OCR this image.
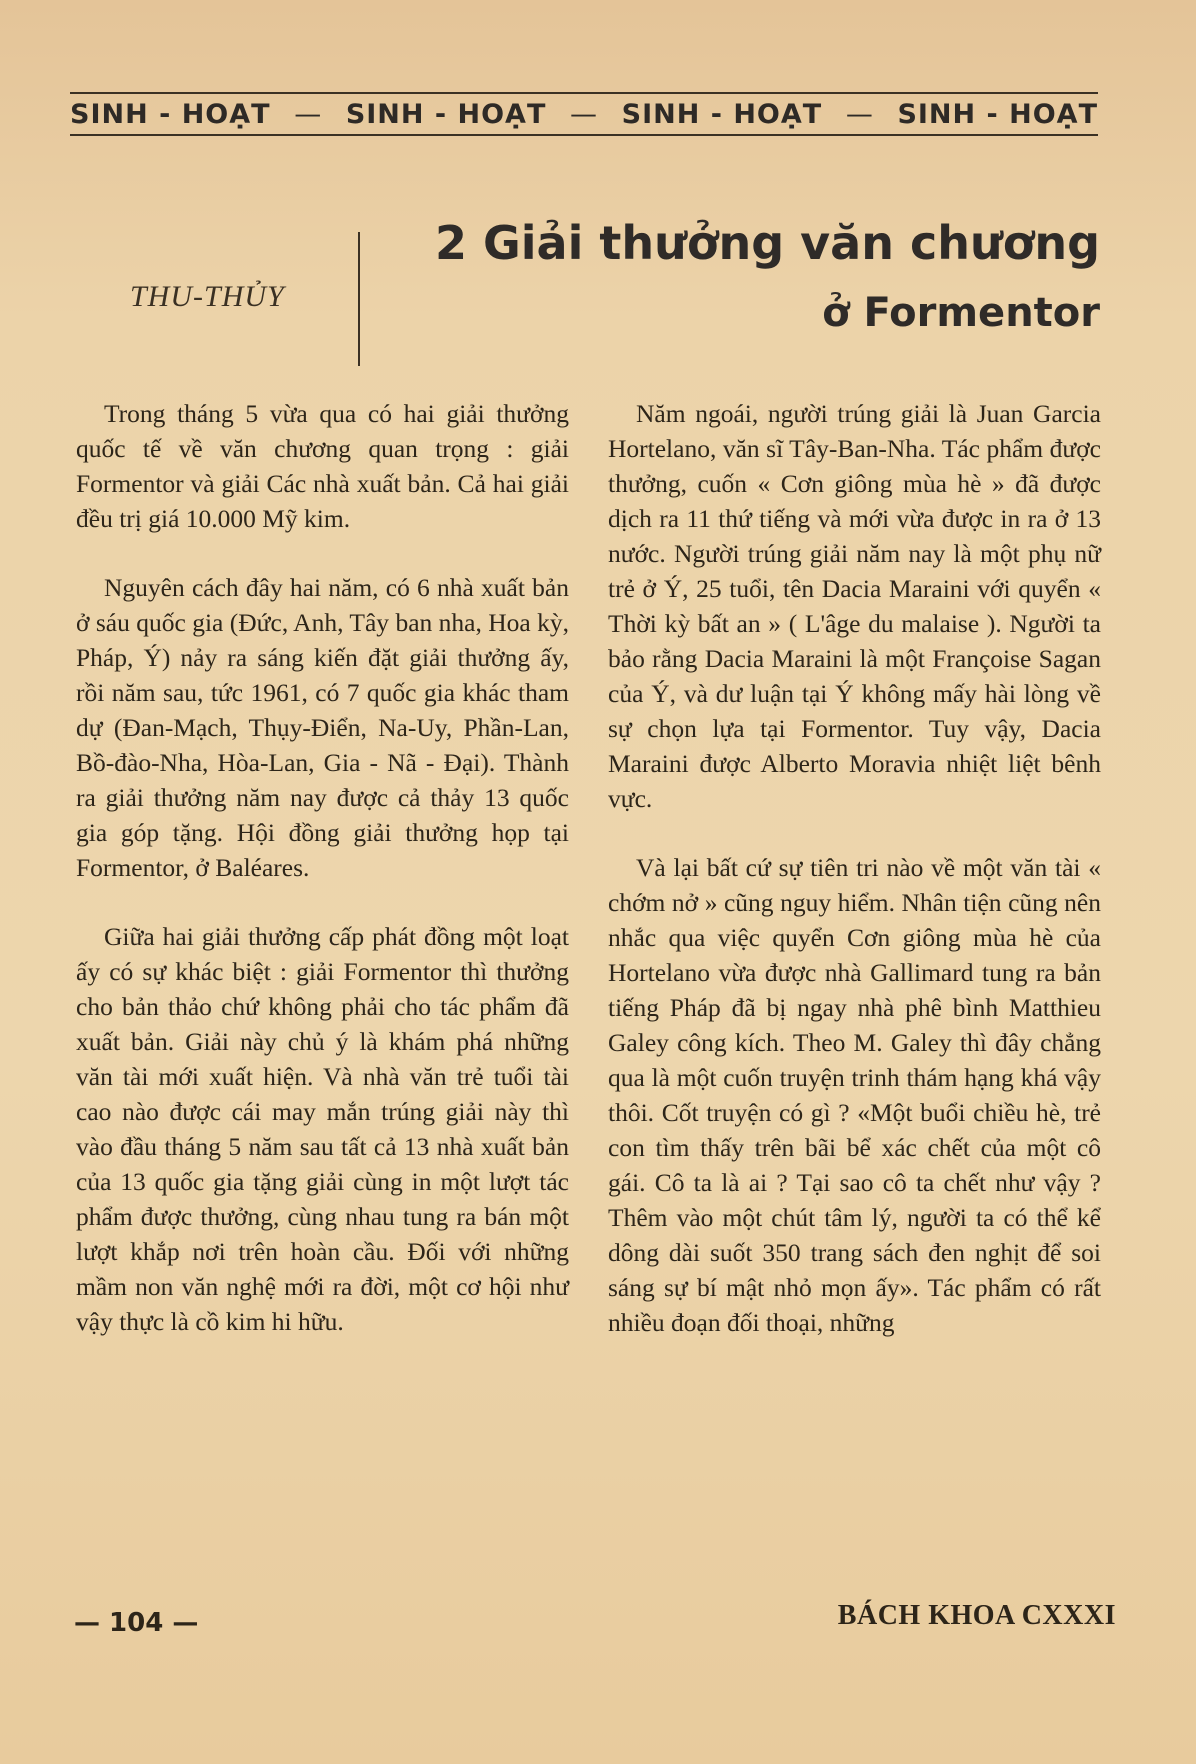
SINH - HOẠT — SINH - HOẠT — SINH - HOẠT — SINH - HOẠT
THU-THỦY
2 Giải thưởng văn chương
ở Formentor

Trong tháng 5 vừa qua có hai giải thưởng quốc tế về văn chương quan trọng : giải Formentor và giải Các nhà xuất bản. Cả hai giải đều trị giá 10.000 Mỹ kim.

Nguyên cách đây hai năm, có 6 nhà xuất bản ở sáu quốc gia (Đức, Anh, Tây ban nha, Hoa kỳ, Pháp, Ý) nảy ra sáng kiến đặt giải thưởng ấy, rồi năm sau, tức 1961, có 7 quốc gia khác tham dự (Đan-Mạch, Thụy-Điển, Na-Uy, Phần-Lan, Bồ-đào-Nha, Hòa-Lan, Gia - Nã - Đại). Thành ra giải thưởng năm nay được cả thảy 13 quốc gia góp tặng. Hội đồng giải thưởng họp tại Formentor, ở Baléares.

Giữa hai giải thưởng cấp phát đồng một loạt ấy có sự khác biệt : giải Formentor thì thưởng cho bản thảo chứ không phải cho tác phẩm đã xuất bản. Giải này chủ ý là khám phá những văn tài mới xuất hiện. Và nhà văn trẻ tuổi tài cao nào được cái may mắn trúng giải này thì vào đầu tháng 5 năm sau tất cả 13 nhà xuất bản của 13 quốc gia tặng giải cùng in một lượt tác phẩm được thưởng, cùng nhau tung ra bán một lượt khắp nơi trên hoàn cầu. Đối với những mầm non văn nghệ mới ra đời, một cơ hội như vậy thực là cồ kim hi hữu.

Năm ngoái, người trúng giải là Juan Garcia Hortelano, văn sĩ Tây-Ban-Nha. Tác phẩm được thưởng, cuốn « Cơn giông mùa hè » đã được dịch ra 11 thứ tiếng và mới vừa được in ra ở 13 nước. Người trúng giải năm nay là một phụ nữ trẻ ở Ý, 25 tuổi, tên Dacia Maraini với quyển « Thời kỳ bất an » ( L'âge du malaise ). Người ta bảo rằng Dacia Maraini là một Françoise Sagan của Ý, và dư luận tại Ý không mấy hài lòng về sự chọn lựa tại Formentor. Tuy vậy, Dacia Maraini được Alberto Moravia nhiệt liệt bênh vực.

Và lại bất cứ sự tiên tri nào về một văn tài « chớm nở » cũng nguy hiểm. Nhân tiện cũng nên nhắc qua việc quyển Cơn giông mùa hè của Hortelano vừa được nhà Gallimard tung ra bản tiếng Pháp đã bị ngay nhà phê bình Matthieu Galey công kích. Theo M. Galey thì đây chẳng qua là một cuốn truyện trinh thám hạng khá vậy thôi. Cốt truyện có gì ? «Một buổi chiều hè, trẻ con tìm thấy trên bãi bể xác chết của một cô gái. Cô ta là ai ? Tại sao cô ta chết như vậy ? Thêm vào một chút tâm lý, người ta có thể kể dông dài suốt 350 trang sách đen nghịt để soi sáng sự bí mật nhỏ mọn ấy». Tác phẩm có rất nhiều đoạn đối thoại, những

— 104 —	BÁCH KHOA CXXXI
